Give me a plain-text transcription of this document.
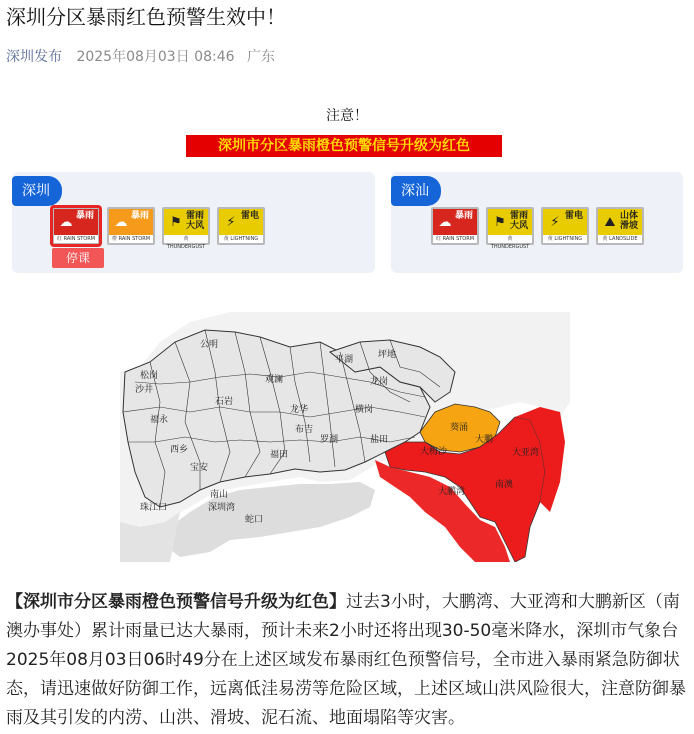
深圳分区暴雨红色预警生效中！
深圳发布 2025年08月03日 08:46 广东
注意！
深圳市分区暴雨橙色预警信号升级为红色
深圳
☁ 暴雨
红 RAIN STORM
☁ 暴雨
橙 RAIN STORM
⚑ 雷雨大风
黄 THUNDERGUST
⚡ 雷电
黄 LIGHTNING
停课
深汕
☁ 暴雨
红 RAIN STORM
⚑ 雷雨大风
黄 THUNDERGUST
⚡ 雷电
黄 LIGHTNING
⛰ 山体滑坡
黄 LANDSLIDE
松岗
沙井
公明
石岩
观澜
龙华
福永
西乡
宝安
南山
福田
罗湖
布吉
平湖
龙岗
坪地
横岗
盐田
蛇口
深圳湾
珠江口
葵涌
大鹏
大梅沙
南澳
大亚湾
大鹏湾
【深圳市分区暴雨橙色预警信号升级为红色】过去3小时，大鹏湾、大亚湾和大鹏新区（南澳办事处）累计雨量已达大暴雨，预计未来2小时还将出现30-50毫米降水，深圳市气象台2025年08月03日06时49分在上述区域发布暴雨红色预警信号，全市进入暴雨紧急防御状态，请迅速做好防御工作，远离低洼易涝等危险区域，上述区域山洪风险很大，注意防御暴雨及其引发的内涝、山洪、滑坡、泥石流、地面塌陷等灾害。
